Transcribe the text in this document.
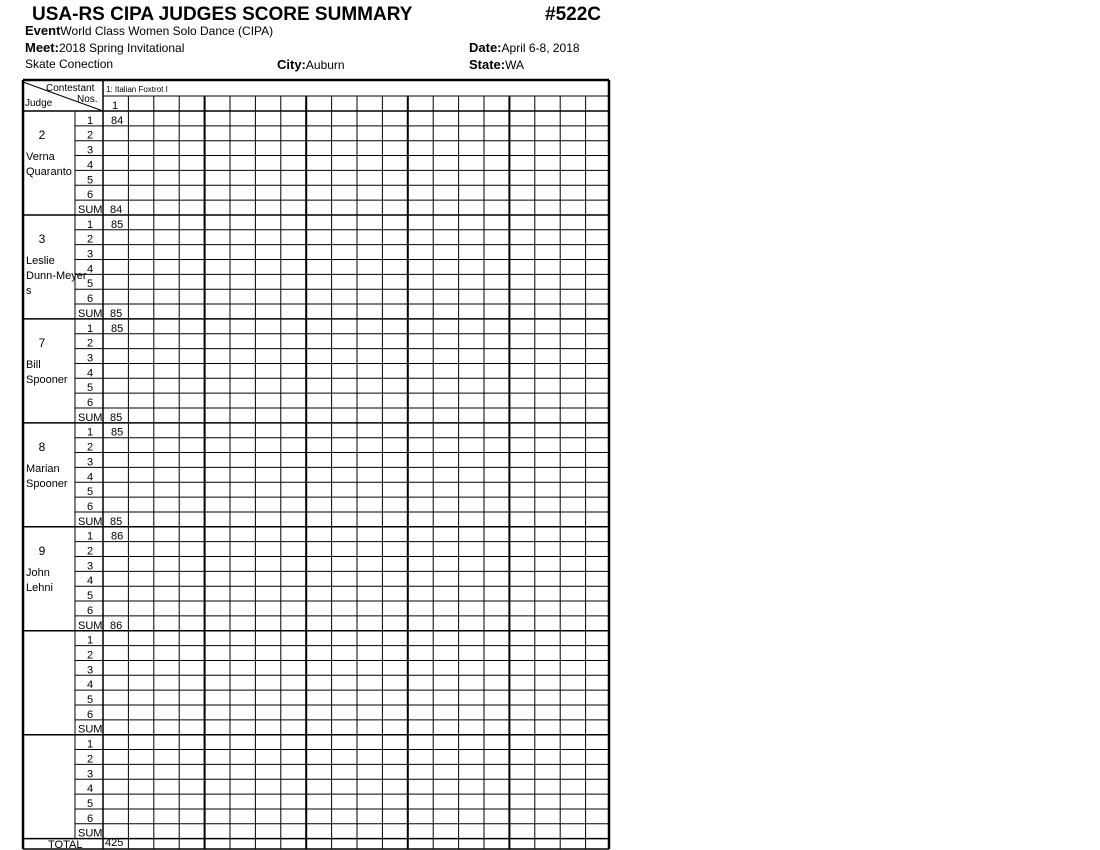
USA-RS CIPA JUDGES SCORE SUMMARY	#522C
EventWorld Class Women Solo Dance (CIPA)
Meet:2018 Spring Invitational	Date:April 6-8, 2018
Skate Conection	City:Auburn	State:WA
Contestant
Nos.
Judge
1: Italian Foxtrot I
1
2
Verna
Quaranto
1 84
2
3
4
5
6
SUM 84
3
Leslie
Dunn-Meyer
s
1 85
2
3
4
5
6
SUM 85
7
Bill
Spooner
1 85
2
3
4
5
6
SUM 85
8
Marian
Spooner
1 85
2
3
4
5
6
SUM 85
9
John
Lehni
1 86
2
3
4
5
6
SUM 86
1
2
3
4
5
6
SUM
1
2
3
4
5
6
SUM
TOTAL 425
